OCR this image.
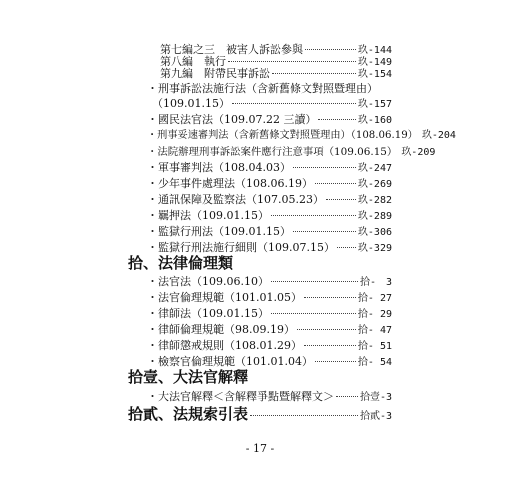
第七編之三　被害人訴訟參與	玖-144
第八編　執行	玖-149
第九編　附帶民事訴訟	玖-154
・刑事訴訟法施行法（含新舊條文對照暨理由）
（109.01.15）	玖-157
・國民法官法（109.07.22 三讀）	玖-160
・刑事妥速審判法（含新舊條文對照暨理由）（108.06.19） 玖-204
・法院辦理刑事訴訟案件應行注意事項（109.06.15） 玖-209
・軍事審判法（108.04.03）	玖-247
・少年事件處理法（108.06.19）	玖-269
・通訊保障及監察法（107.05.23）	玖-282
・羈押法（109.01.15）	玖-289
・監獄行刑法（109.01.15）	玖-306
・監獄行刑法施行細則（109.07.15） 玖-329
拾、法律倫理類
・法官法（109.06.10）	拾-　3
・法官倫理規範（101.01.05）	拾- 27
・律師法（109.01.15）	拾- 29
・律師倫理規範（98.09.19）	拾- 47
・律師懲戒規則（108.01.29）	拾- 51
・檢察官倫理規範（101.01.04）	拾- 54
拾壹、大法官解釋
・大法官解釋＜含解釋爭點暨解釋文＞	拾壹-3
拾貳、法規索引表	拾貳-3
- 17 -
